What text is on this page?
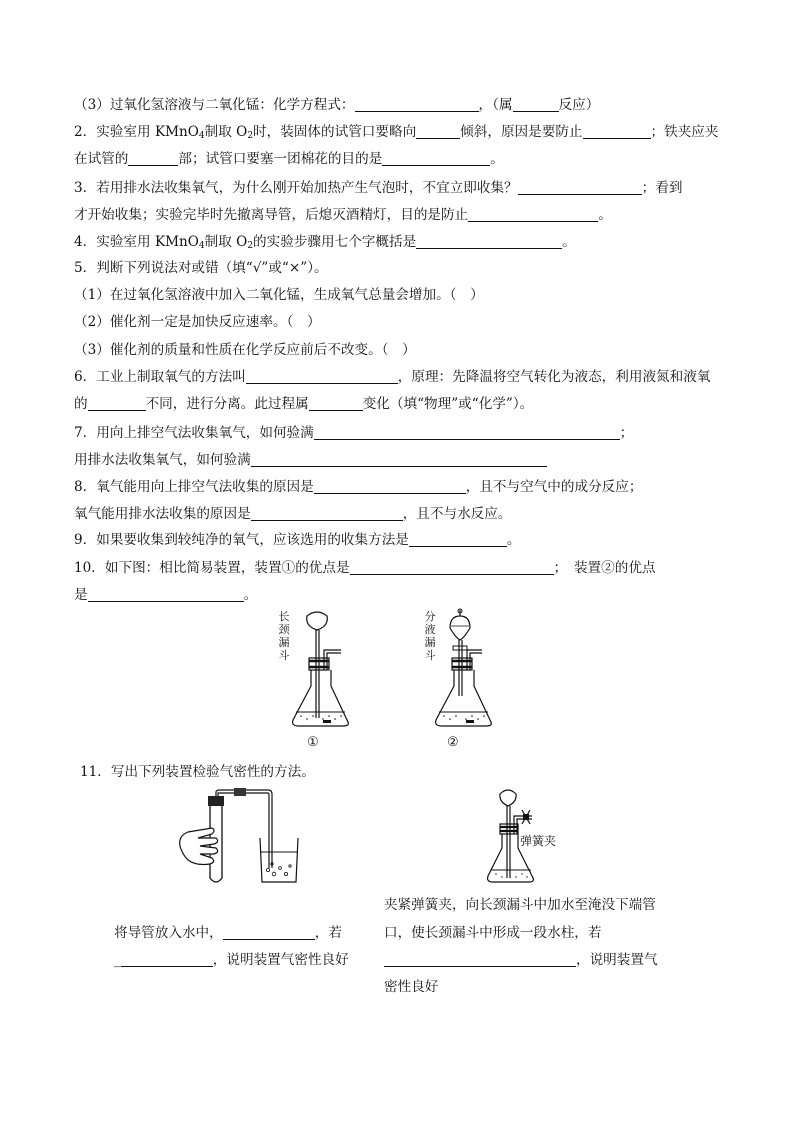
（3）过氧化氢溶液与二氧化锰：化学方程式：	，（属	反应）
2．实验室用 KMnO$_4$制取 $O_2$时，装固体的试管口要略向	倾斜，原因是要防止	；铁夹应夹
在试管的	部；试管口要塞一团棉花的目的是	。
3．若用排水法收集氧气，为什么刚开始加热产生气泡时，不宜立即收集？	；看到
才开始收集；实验完毕时先撤离导管，后熄灭酒精灯，目的是防止	。
4．实验室用 KMnO$_4$制取 $O_2$的实验步骤用七个字概括是	。
5．判断下列说法对或错（填“√”或“×”）。
（1）在过氧化氢溶液中加入二氧化锰，生成氧气总量会增加。（　）
（2）催化剂一定是加快反应速率。（　）
（3）催化剂的质量和性质在化学反应前后不改变。（　）
6．工业上制取氧气的方法叫	，原理：先降温将空气转化为液态，利用液氮和液氧
的	不同，进行分离。此过程属	变化（填“物理”或“化学”）。
7．用向上排空气法收集氧气，如何验满	；
用排水法收集氧气，如何验满
8．氧气能用向上排空气法收集的原因是	，且不与空气中的成分反应；
氧气能用排水法收集的原因是	，且不与水反应。
9．如果要收集到较纯净的氧气，应该选用的收集方法是	。
10．如下图：相比简易装置，装置①的优点是	；　装置②的优点
是	。
长
颈
漏
斗
①
分
液
漏
斗
②
11．写出下列装置检验气密性的方法。
将导管放入水中，	，若
_	，说明装置气密性良好
弹簧夹
夹紧弹簧夹，向长颈漏斗中加水至淹没下端管
口，使长颈漏斗中形成一段水柱，若
，说明装置气
密性良好
